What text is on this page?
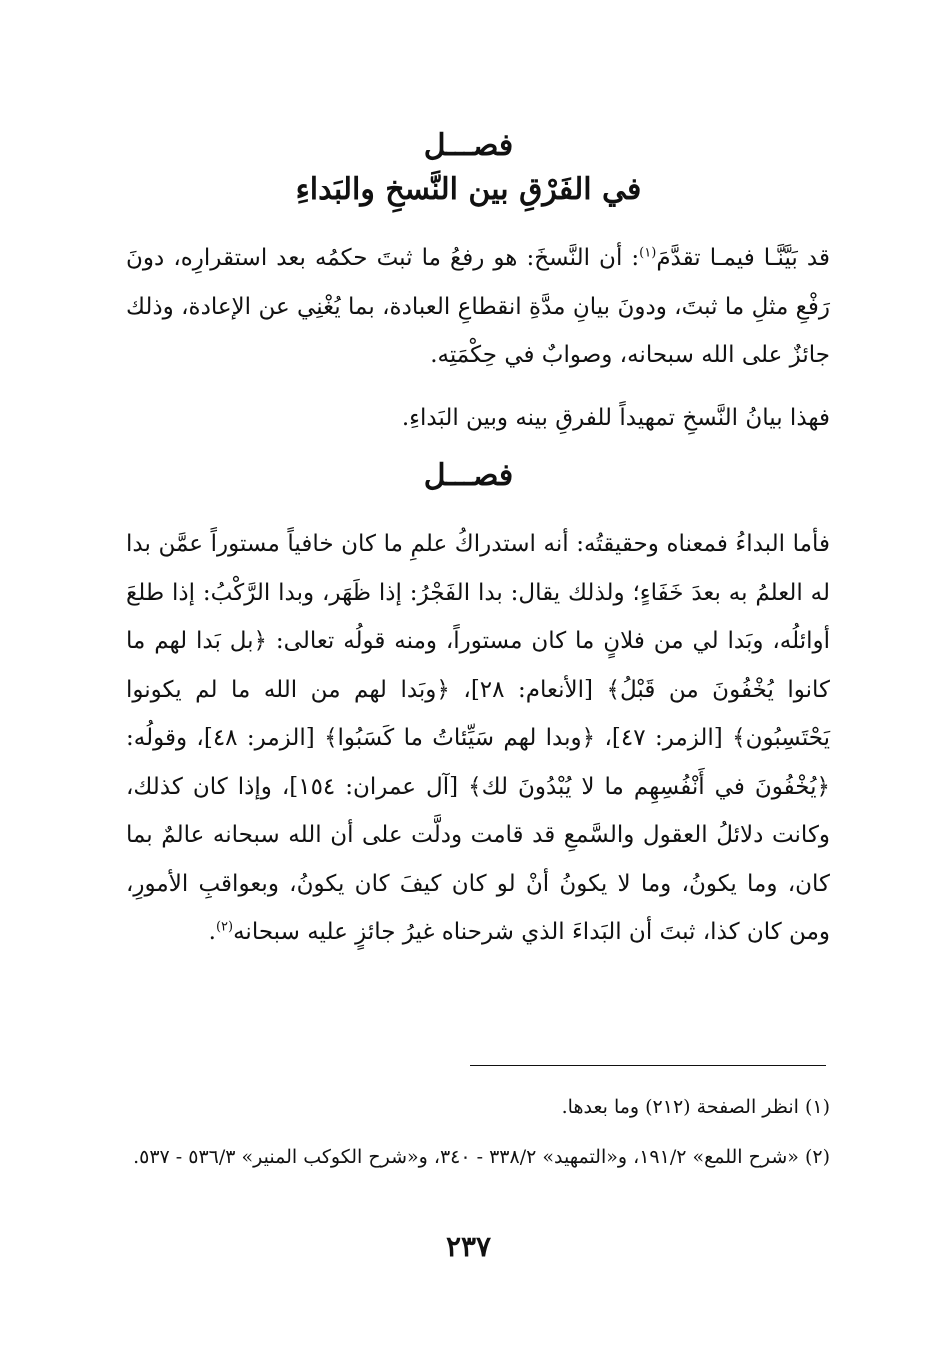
فصـــل
في الفَرْقِ بين النَّسخِ والبَداءِ

قد بَيَّنَّـا فيمـا تقدَّمَ$^{(١)}$: أن النَّسخَ: هو رفعُ ما ثبتَ حكمُه بعد استقرارِه، دونَ رَفْعِ مثلِ ما ثبتَ، ودونَ بيانِ مدَّةِ انقطاعِ العبادة، بما يُغْنِي عن الإعادة، وذلك جائزٌ على الله سبحانه، وصوابٌ في حِكْمَتِه.

فهذا بيانُ النَّسخِ تمهيداً للفرقِ بينه وبين البَداءِ.

فصـــل

فأما البداءُ فمعناه وحقيقتُه: أنه استدراكُ علمِ ما كان خافياً مستوراً عمَّن بدا له العلمُ به بعدَ خَفَاءٍ؛ ولذلك يقال: بدا الفَجْرُ: إذا ظَهَر، وبدا الرَّكْبُ: إذا طلعَ أوائلُه، وبَدا لي من فلانٍ ما كان مستوراً، ومنه قولُه تعالى: ﴿بل بَدا لهم ما كانوا يُخْفُونَ من قَبْلُ﴾ [الأنعام: ٢٨]، ﴿وبَدا لهم من الله ما لم يكونوا يَحْتَسِبُون﴾ [الزمر: ٤٧]، ﴿وبدا لهم سَيِّئاتُ ما كَسَبُوا﴾ [الزمر: ٤٨]، وقولُه: ﴿يُخْفُونَ في أَنْفُسِهِم ما لا يُبْدُونَ لك﴾ [آل عمران: ١٥٤]، وإذا كان كذلك، وكانت دلائلُ العقول والسَّمعِ قد قامت ودلَّت على أن الله سبحانه عالمٌ بما كان، وما يكونُ، وما لا يكونُ أنْ لو كان كيفَ كان يكونُ، وبعواقبِ الأمورِ، ومن كان كذا، ثبتَ أن البَداءَ الذي شرحناه غيرُ جائزٍ عليه سبحانه$^{(٢)}$.

(١) انظر الصفحة (٢١٢) وما بعدها.

(٢) «شرح اللمع» ١٩١/٢، و«التمهيد» ٣٣٨/٢ - ٣٤٠، و«شرح الكوكب المنير» ٥٣٦/٣ - ٥٣٧.

٢٣٧
